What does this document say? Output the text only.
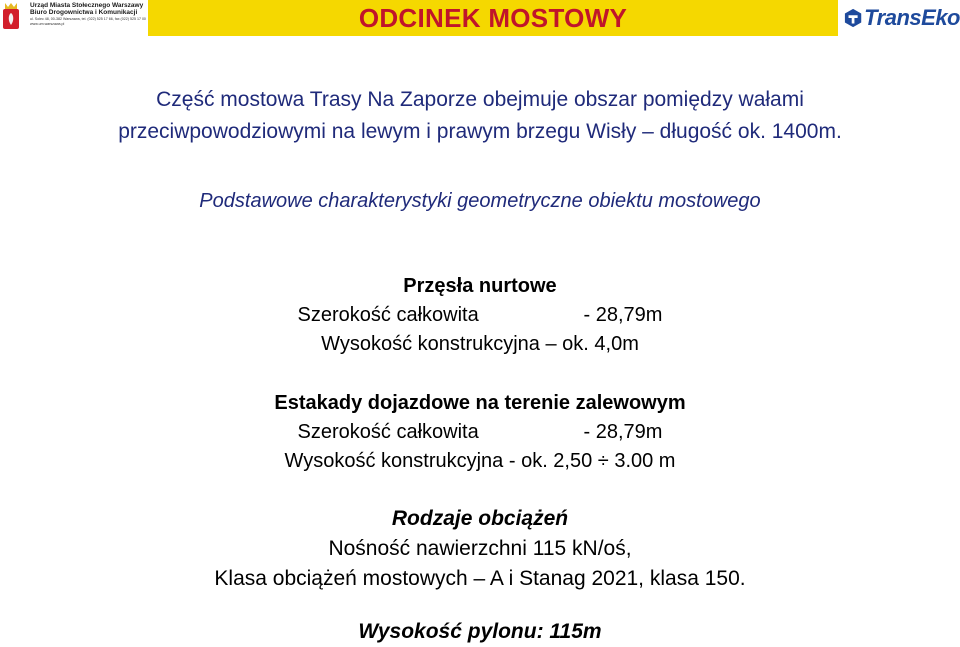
Urząd Miasta Stołecznego Warszawy
Biuro Drogownictwa i Komunikacji
ul. Solec 48, 00-382 Warszawa, tel. (022) 525 17 66, fax (022) 525 17 00
www.um.warszawa.pl	ODCINEK MOSTOWY	TransEko
Część mostowa Trasy Na Zaporze obejmuje obszar pomiędzy wałami
przeciwpowodziowymi na lewym i prawym brzegu Wisły – długość ok. 1400m.
Podstawowe charakterystyki geometryczne obiektu mostowego
Przęsła nurtowe
Szerokość całkowita	- 28,79m
Wysokość konstrukcyjna – ok. 4,0m
Estakady dojazdowe na terenie zalewowym
Szerokość całkowita	- 28,79m
Wysokość konstrukcyjna - ok. 2,50 ÷ 3.00 m
Rodzaje obciążeń
Nośność nawierzchni 115 kN/oś,
Klasa obciążeń mostowych – A i Stanag 2021, klasa 150.
Wysokość pylonu: 115m
